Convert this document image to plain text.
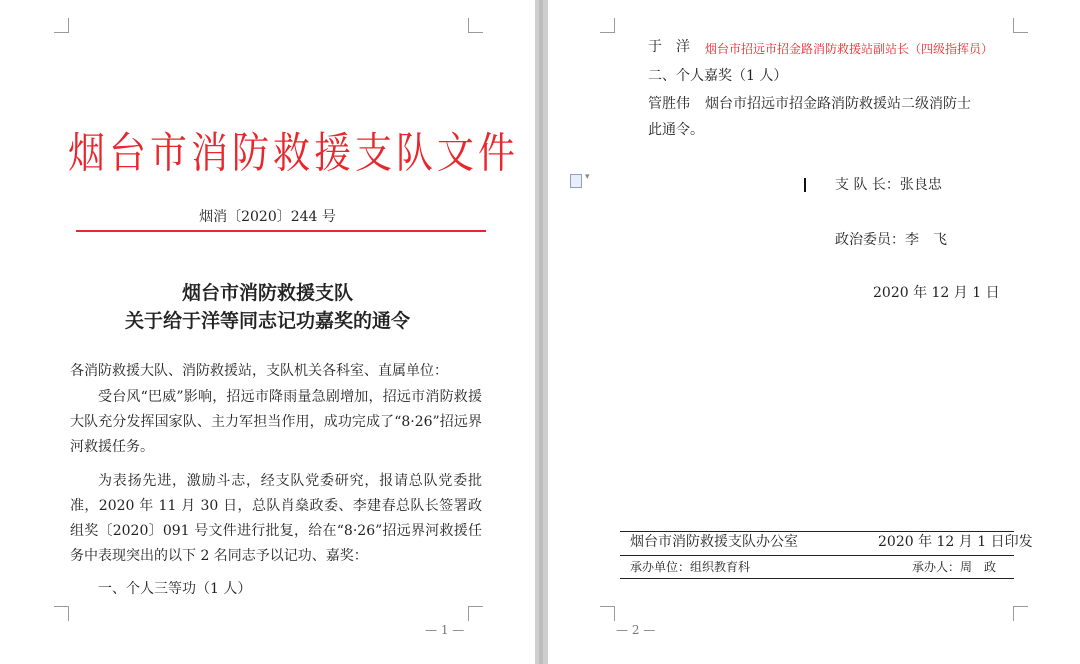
烟台市消防救援支队文件
烟消〔2020〕244 号
烟台市消防救援支队
关于给于洋等同志记功嘉奖的通令
各消防救援大队、消防救援站，支队机关各科室、直属单位：
受台风“巴威”影响，招远市降雨量急剧增加，招远市消防救援大队充分发挥国家队、主力军担当作用，成功完成了“8·26”招远界河救援任务。
为表扬先进，激励斗志，经支队党委研究，报请总队党委批准，2020 年 11 月 30 日，总队肖燊政委、李建春总队长签署政组奖〔2020〕091 号文件进行批复，给在“8·26”招远界河救援任务中表现突出的以下 2 名同志予以记功、嘉奖：
一、个人三等功（1 人）
— 1 —
于　洋 烟台市招远市招金路消防救援站副站长（四级指挥员）
二、个人嘉奖（1 人）
管胜伟 烟台市招远市招金路消防救援站二级消防士
此通令。
▾
支 队 长：张良忠
政治委员：李　飞
2020 年 12 月 1 日
烟台市消防救援支队办公室	2020 年 12 月 1 日印发
承办单位：组织教育科	承办人：周　政
— 2 —
